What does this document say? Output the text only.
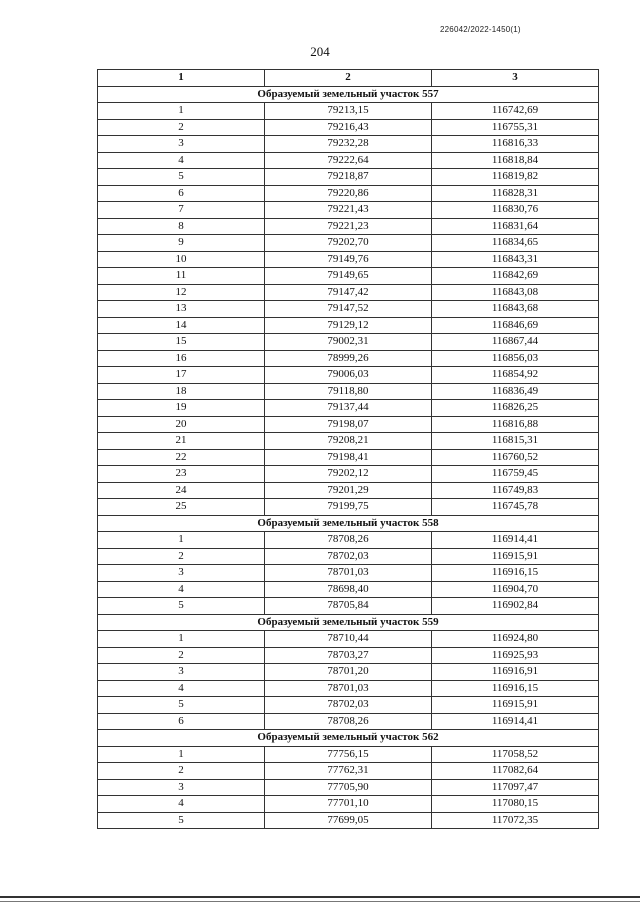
226042/2022-1450(1)
204
1	2	3
Образуемый земельный участок 557		
1	79213,15	116742,69
2	79216,43	116755,31
3	79232,28	116816,33
4	79222,64	116818,84
5	79218,87	116819,82
6	79220,86	116828,31
7	79221,43	116830,76
8	79221,23	116831,64
9	79202,70	116834,65
10	79149,76	116843,31
11	79149,65	116842,69
12	79147,42	116843,08
13	79147,52	116843,68
14	79129,12	116846,69
15	79002,31	116867,44
16	78999,26	116856,03
17	79006,03	116854,92
18	79118,80	116836,49
19	79137,44	116826,25
20	79198,07	116816,88
21	79208,21	116815,31
22	79198,41	116760,52
23	79202,12	116759,45
24	79201,29	116749,83
25	79199,75	116745,78
Образуемый земельный участок 558		
1	78708,26	116914,41
2	78702,03	116915,91
3	78701,03	116916,15
4	78698,40	116904,70
5	78705,84	116902,84
Образуемый земельный участок 559		
1	78710,44	116924,80
2	78703,27	116925,93
3	78701,20	116916,91
4	78701,03	116916,15
5	78702,03	116915,91
6	78708,26	116914,41
Образуемый земельный участок 562		
1	77756,15	117058,52
2	77762,31	117082,64
3	77705,90	117097,47
4	77701,10	117080,15
5	77699,05	117072,35
